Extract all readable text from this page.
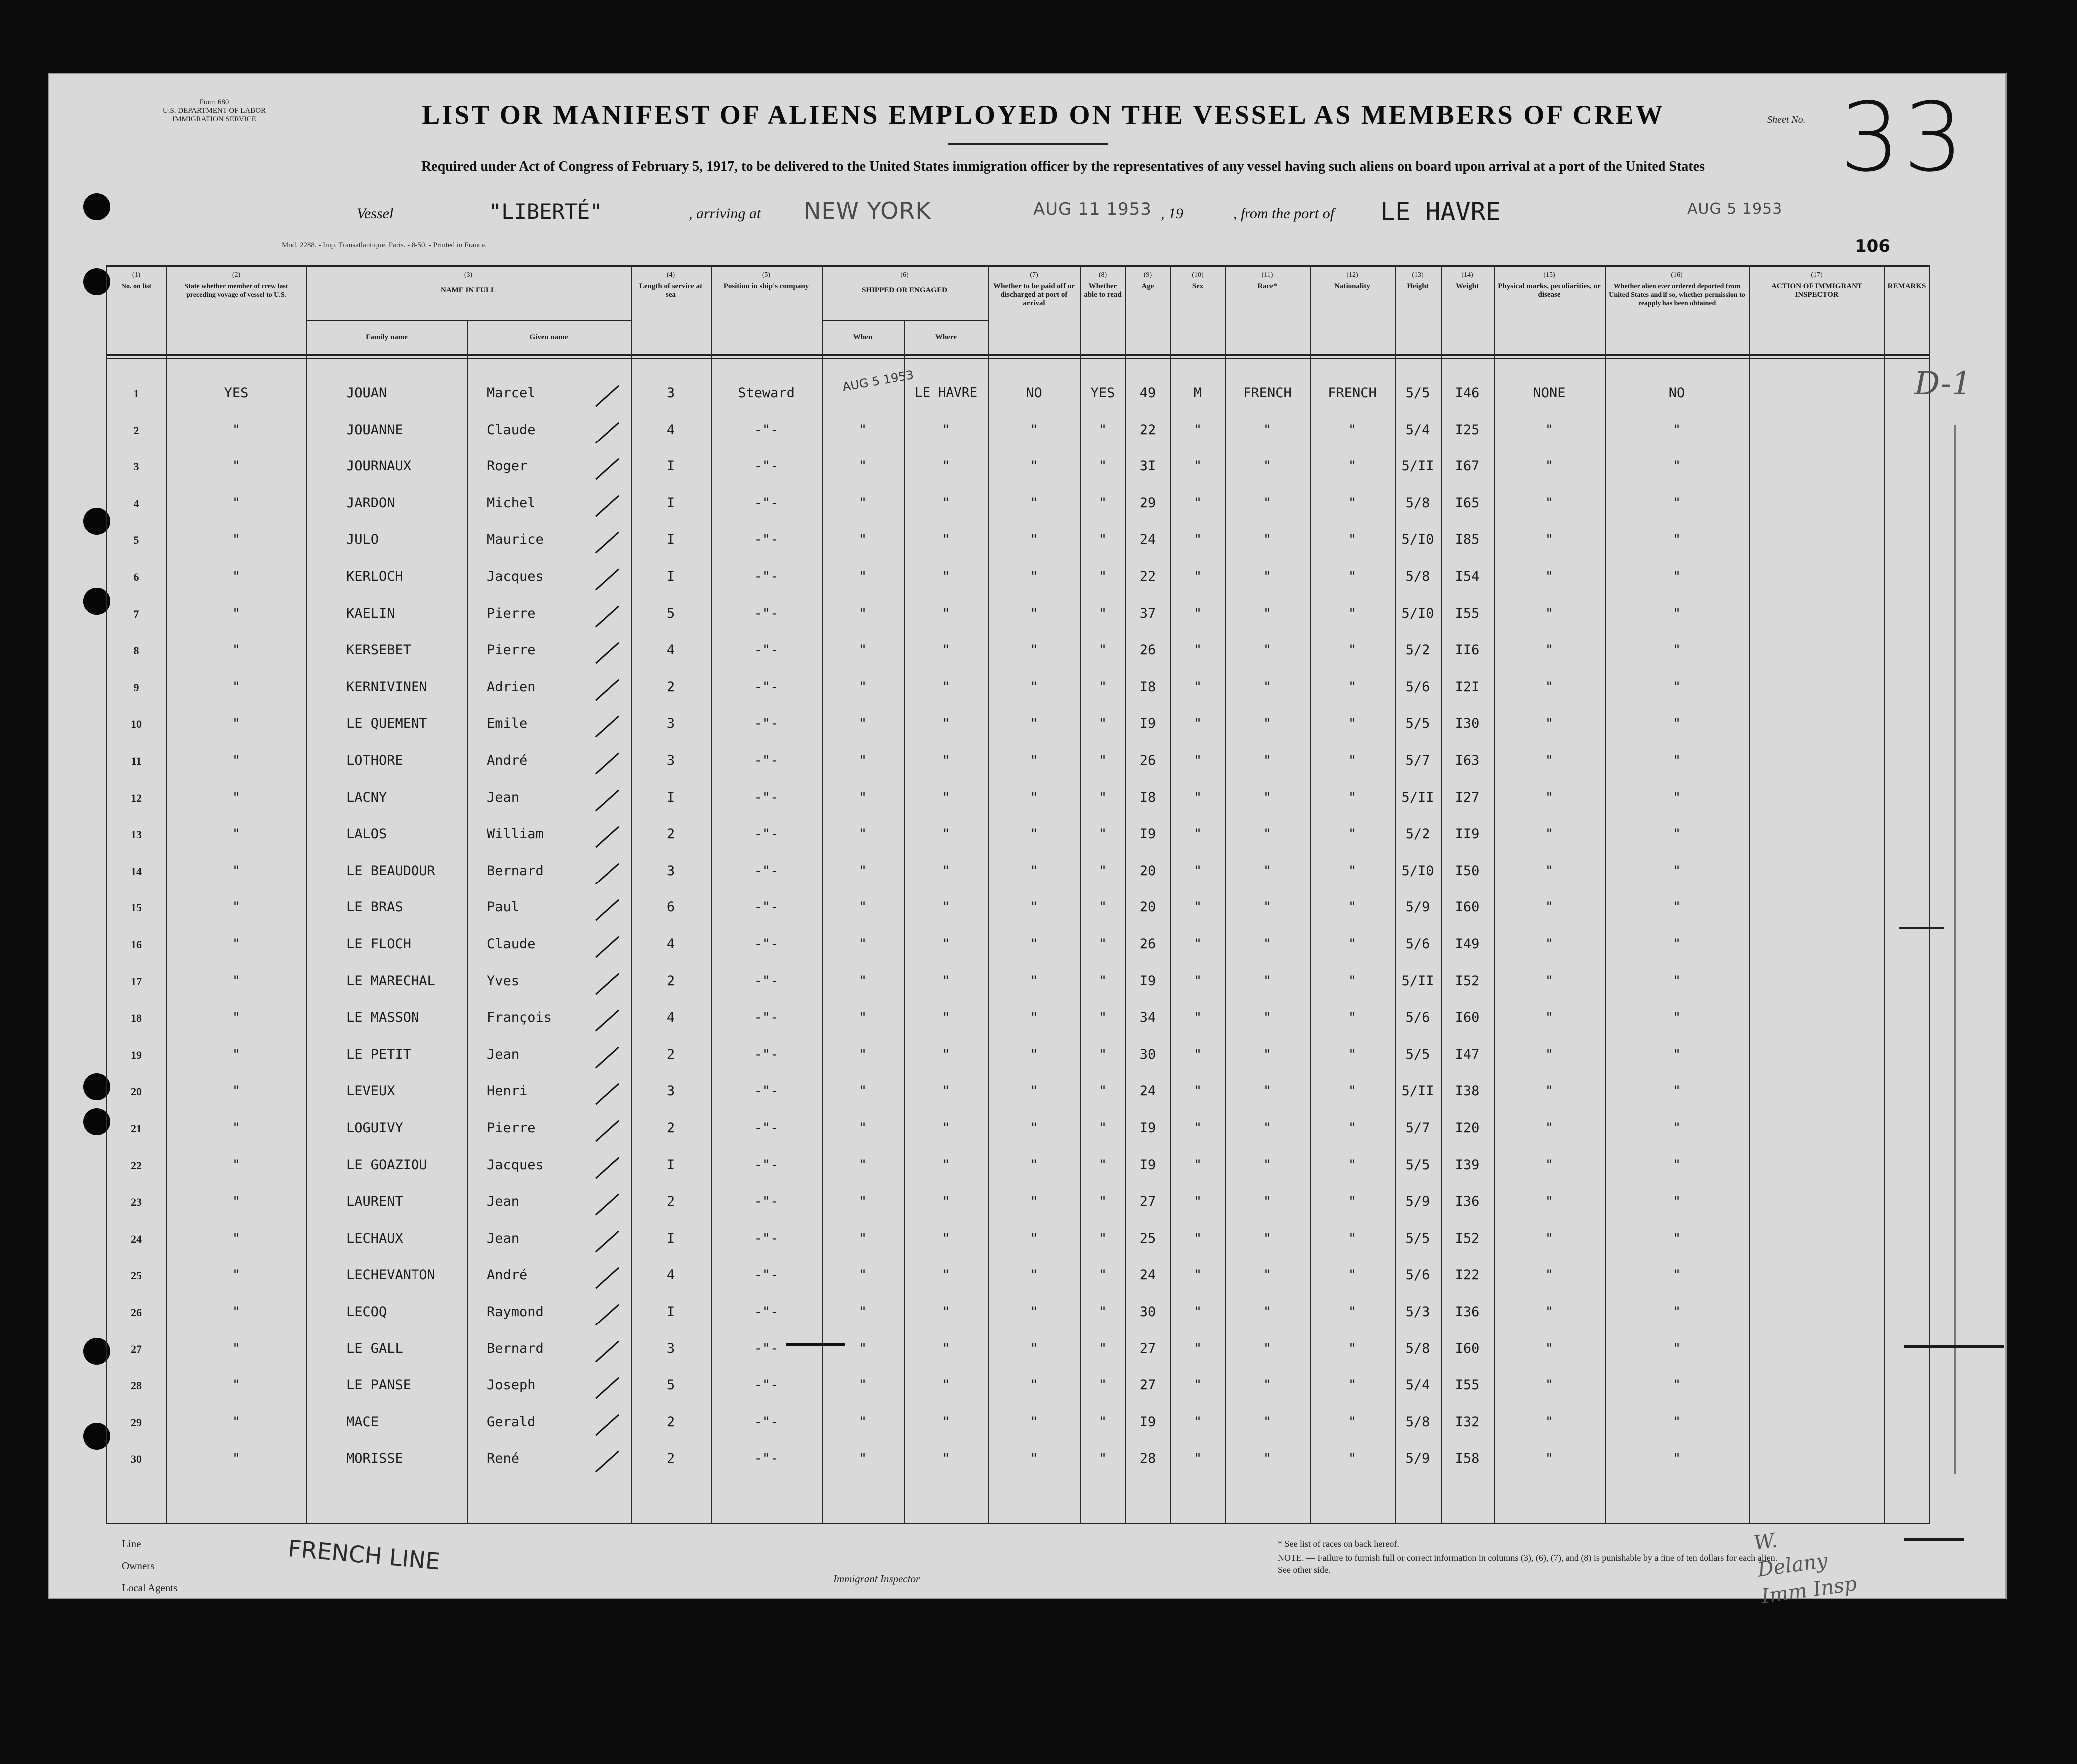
Form 680
U.S. DEPARTMENT OF LABOR
IMMIGRATION SERVICE	LIST OR MANIFEST OF ALIENS EMPLOYED ON THE VESSEL AS MEMBERS OF CREW
Required under Act of Congress of February 5, 1917, to be delivered to the United States immigration officer by the representatives of any vessel having such aliens on board upon arrival at a port of the United States
Sheet No. 33
Vessel	"LIBERTÉ"	, arriving at NEW YORK	AUG 11 1953 , 19	, from the port of LE HAVRE	AUG 5 1953
Mod. 2288. - Imp. Transatlantique, Paris. - 8-50. - Printed in France.	106
(1)
No. on list
(2)
State whether member of crew last preceding voyage of vessel to U.S.
(3)
NAME IN FULL
Family name	Given name
(4)
Length of service at sea
(5)
Position in ship's company
(6)
SHIPPED OR ENGAGED
When	Where
(7)
Whether to be paid off or discharged at port of arrival
(8)
Whether able to read
(9)
Age
(10)
Sex
(11)
Race*
(12)
Nationality
(13)
Height
(14)
Weight
(15)
Physical marks, peculiarities, or disease
(16)
Whether alien ever ordered deported from United States and if so, whether permission to reapply has been obtained
(17)
ACTION OF IMMIGRANT INSPECTOR
REMARKS
1	YES	JOUAN	Marcel	3	Steward	AUG 5 1953 LE HAVRE	NO	YES	49	M	FRENCH	FRENCH	5/5	I46	NONE	NO
2	"	JOUANNE	Claude	4	-"-	"	"	"	"	22	"	"	"	5/4	I25	"	"
3	"	JOURNAUX	Roger	I	-"-	"	"	"	"	3I	"	"	"	5/II	I67	"	"
4	"	JARDON	Michel	I	-"-	"	"	"	"	29	"	"	"	5/8	I65	"	"
5	"	JULO	Maurice	I	-"-	"	"	"	"	24	"	"	"	5/I0	I85	"	"
6	"	KERLOCH	Jacques	I	-"-	"	"	"	"	22	"	"	"	5/8	I54	"	"
7	"	KAELIN	Pierre	5	-"-	"	"	"	"	37	"	"	"	5/I0	I55	"	"
8	"	KERSEBET	Pierre	4	-"-	"	"	"	"	26	"	"	"	5/2	II6	"	"
9	"	KERNIVINEN	Adrien	2	-"-	"	"	"	"	I8	"	"	"	5/6	I2I	"	"
10	"	LE QUEMENT	Emile	3	-"-	"	"	"	"	I9	"	"	"	5/5	I30	"	"
11	"	LOTHORE	André	3	-"-	"	"	"	"	26	"	"	"	5/7	I63	"	"
12	"	LACNY	Jean	I	-"-	"	"	"	"	I8	"	"	"	5/II	I27	"	"
13	"	LALOS	William	2	-"-	"	"	"	"	I9	"	"	"	5/2	II9	"	"
14	"	LE BEAUDOUR	Bernard	3	-"-	"	"	"	"	20	"	"	"	5/I0	I50	"	"
15	"	LE BRAS	Paul	6	-"-	"	"	"	"	20	"	"	"	5/9	I60	"	"
16	"	LE FLOCH	Claude	4	-"-	"	"	"	"	26	"	"	"	5/6	I49	"	"
17	"	LE MARECHAL	Yves	2	-"-	"	"	"	"	I9	"	"	"	5/II	I52	"	"
18	"	LE MASSON	François	4	-"-	"	"	"	"	34	"	"	"	5/6	I60	"	"
19	"	LE PETIT	Jean	2	-"-	"	"	"	"	30	"	"	"	5/5	I47	"	"
20	"	LEVEUX	Henri	3	-"-	"	"	"	"	24	"	"	"	5/II	I38	"	"
21	"	LOGUIVY	Pierre	2	-"-	"	"	"	"	I9	"	"	"	5/7	I20	"	"
22	"	LE GOAZIOU	Jacques	I	-"-	"	"	"	"	I9	"	"	"	5/5	I39	"	"
23	"	LAURENT	Jean	2	-"-	"	"	"	"	27	"	"	"	5/9	I36	"	"
24	"	LECHAUX	Jean	I	-"-	"	"	"	"	25	"	"	"	5/5	I52	"	"
25	"	LECHEVANTON	André	4	-"-	"	"	"	"	24	"	"	"	5/6	I22	"	"
26	"	LECOQ	Raymond	I	-"-	"	"	"	"	30	"	"	"	5/3	I36	"	"
27	"	LE GALL	Bernard	3	-"-	"	"	"	"	27	"	"	"	5/8	I60	"	"
28	"	LE PANSE	Joseph	5	-"-	"	"	"	"	27	"	"	"	5/4	I55	"	"
29	"	MACE	Gerald	2	-"-	"	"	"	"	I9	"	"	"	5/8	I32	"	"
30	"	MORISSE	René	2	-"-	"	"	"	"	28	"	"	"	5/9	I58	"	"
D-1
Line
Owners
Local Agents
FRENCH LINE
Immigrant Inspector
* See list of races on back hereof.
NOTE. — Failure to furnish full or correct information in columns (3), (6), (7), and (8) is punishable by a fine of ten dollars for each alien. See other side.
W. Delany Imm Insp
